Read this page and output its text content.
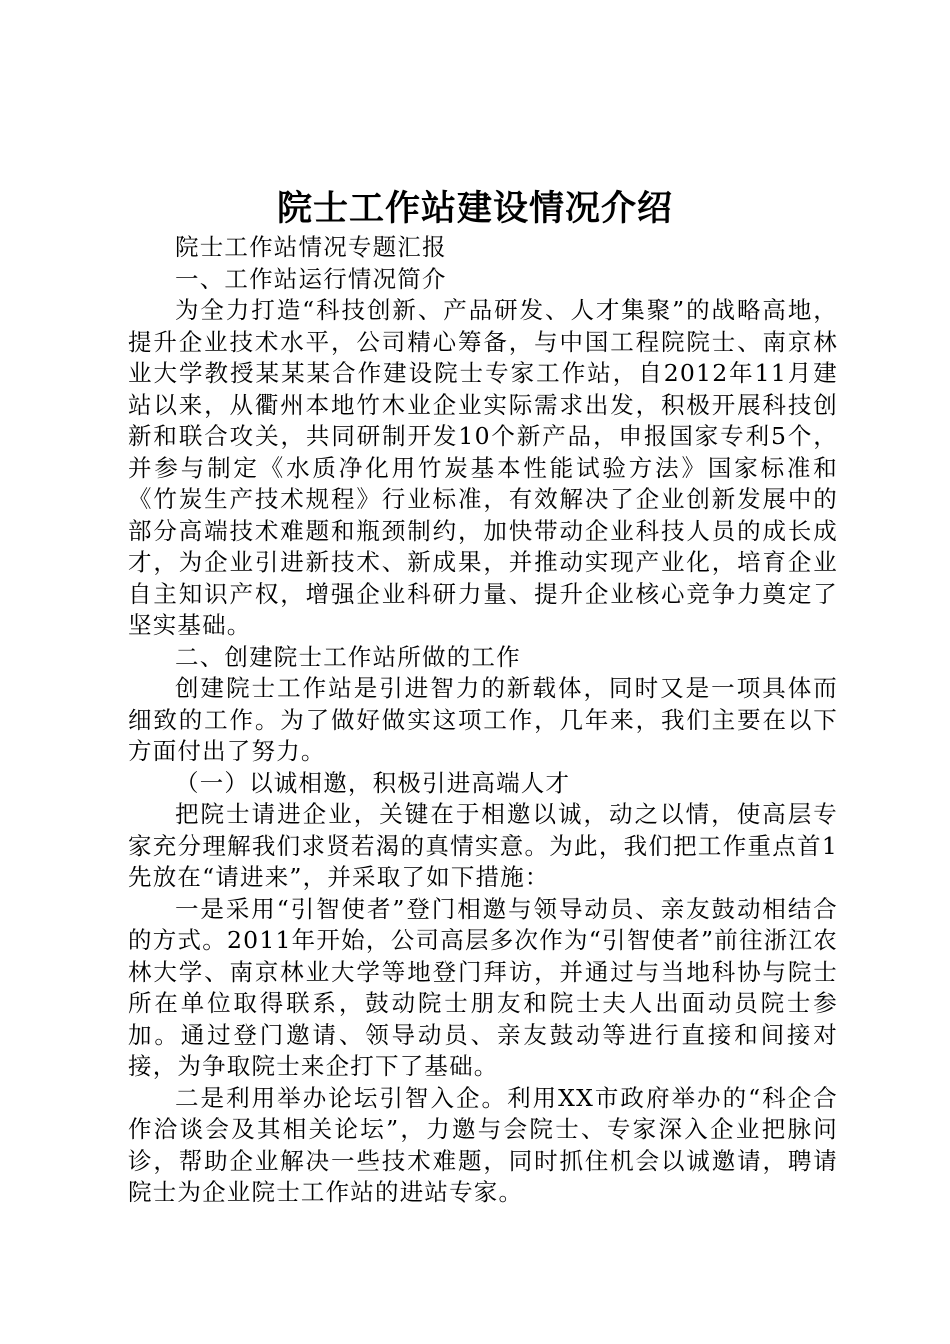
院士工作站建设情况介绍

院士工作站情况专题汇报

一、工作站运行情况简介

为全力打造“科技创新、产品研发、人才集聚”的战略高地，提升企业技术水平，公司精心筹备，与中国工程院院士、南京林业大学教授某某某合作建设院士专家工作站，自2012年11月建站以来，从衢州本地竹木业企业实际需求出发，积极开展科技创新和联合攻关，共同研制开发10个新产品，申报国家专利5个，并参与制定《水质净化用竹炭基本性能试验方法》国家标准和《竹炭生产技术规程》行业标准，有效解决了企业创新发展中的部分高端技术难题和瓶颈制约，加快带动企业科技人员的成长成才，为企业引进新技术、新成果，并推动实现产业化，培育企业自主知识产权，增强企业科研力量、提升企业核心竞争力奠定了坚实基础。

二、创建院士工作站所做的工作

创建院士工作站是引进智力的新载体，同时又是一项具体而细致的工作。为了做好做实这项工作，几年来，我们主要在以下方面付出了努力。

（一）以诚相邀，积极引进高端人才

把院士请进企业，关键在于相邀以诚，动之以情，使高层专家充分理解我们求贤若渴的真情实意。为此，我们把工作重点首1先放在“请进来”，并采取了如下措施：

一是采用“引智使者”登门相邀与领导动员、亲友鼓动相结合的方式。2011年开始，公司高层多次作为“引智使者”前往浙江农林大学、南京林业大学等地登门拜访，并通过与当地科协与院士所在单位取得联系，鼓动院士朋友和院士夫人出面动员院士参加。通过登门邀请、领导动员、亲友鼓动等进行直接和间接对接，为争取院士来企打下了基础。

二是利用举办论坛引智入企。利用XX市政府举办的“科企合作洽谈会及其相关论坛”，力邀与会院士、专家深入企业把脉问诊，帮助企业解决一些技术难题，同时抓住机会以诚邀请，聘请院士为企业院士工作站的进站专家。
